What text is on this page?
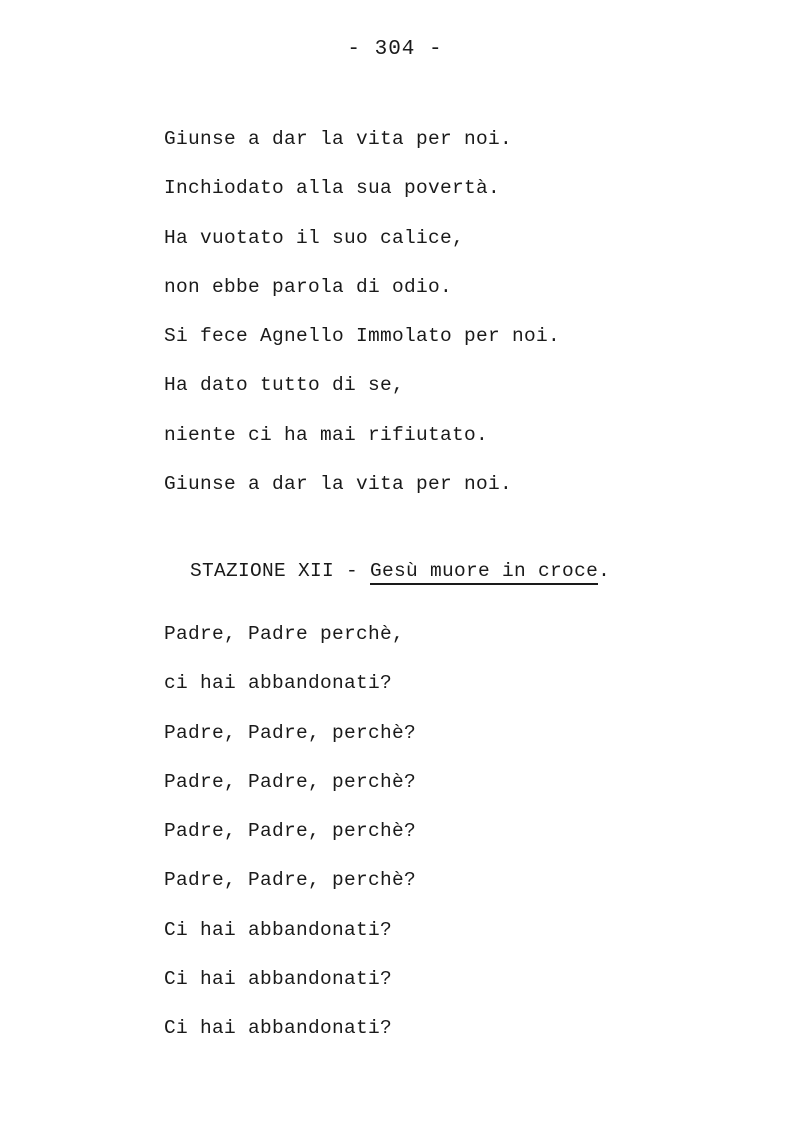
- 304 -
Giunse a dar la vita per noi.
Inchiodato alla sua povertà.
Ha vuotato il suo calice,
non ebbe parola di odio.
Si fece Agnello Immolato per noi.
Ha dato tutto di se,
niente ci ha mai rifiutato.
Giunse a dar la vita per noi.
STAZIONE XII - Gesù muore in croce.
Padre, Padre perchè,
ci hai abbandonati?
Padre, Padre, perchè?
Padre, Padre, perchè?
Padre, Padre, perchè?
Padre, Padre, perchè?
Ci hai abbandonati?
Ci hai abbandonati?
Ci hai abbandonati?
